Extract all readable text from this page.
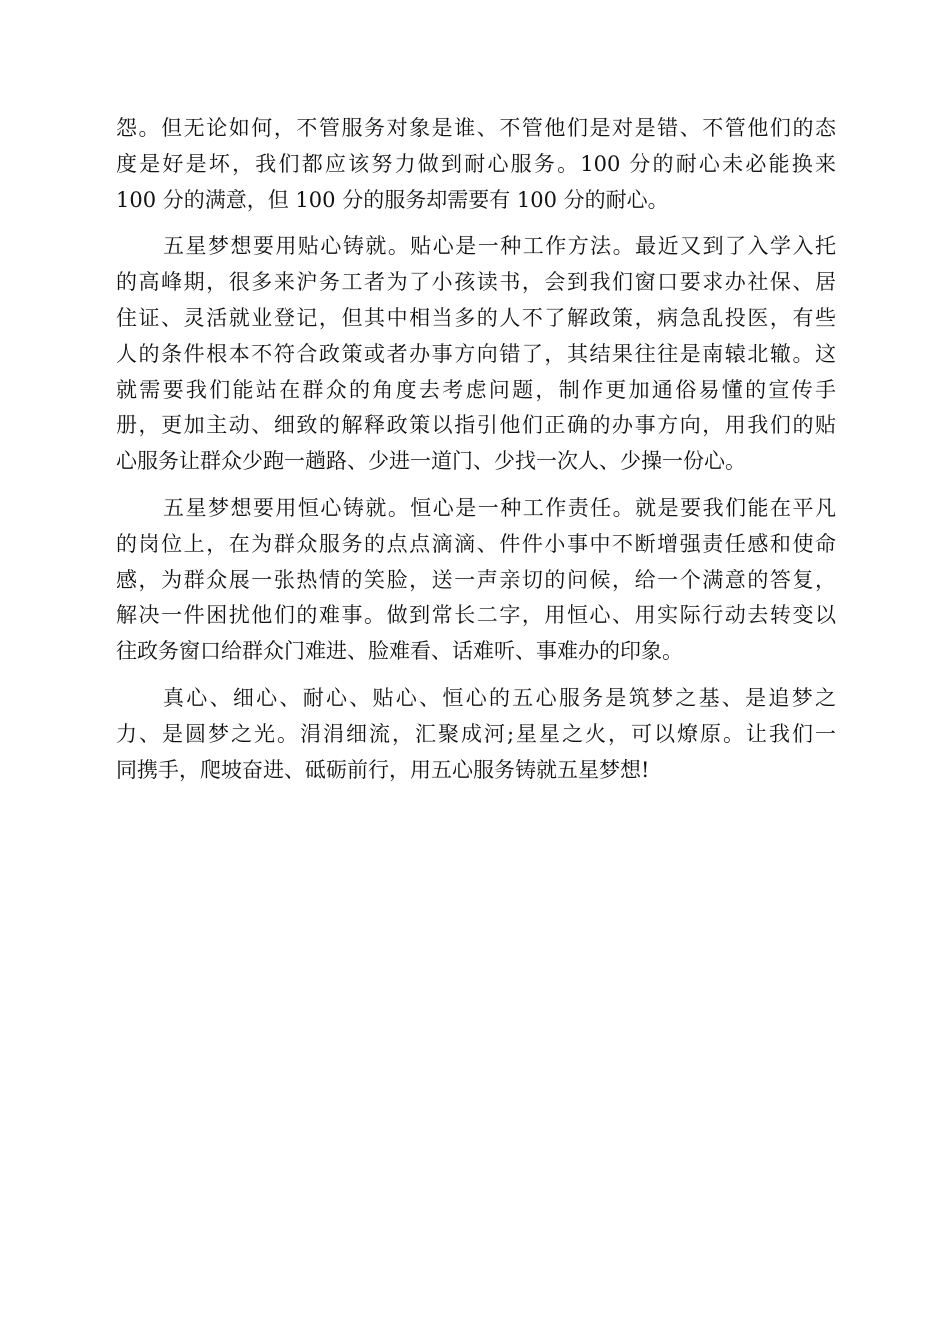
怨。但无论如何，不管服务对象是谁、不管他们是对是错、不管他们的态
度是好是坏，我们都应该努力做到耐心服务。100 分的耐心未必能换来
100 分的满意，但 100 分的服务却需要有 100 分的耐心。
五星梦想要用贴心铸就。贴心是一种工作方法。最近又到了入学入托
的高峰期，很多来沪务工者为了小孩读书，会到我们窗口要求办社保、居
住证、灵活就业登记，但其中相当多的人不了解政策，病急乱投医，有些
人的条件根本不符合政策或者办事方向错了，其结果往往是南辕北辙。这
就需要我们能站在群众的角度去考虑问题，制作更加通俗易懂的宣传手
册，更加主动、细致的解释政策以指引他们正确的办事方向，用我们的贴
心服务让群众少跑一趟路、少进一道门、少找一次人、少操一份心。
五星梦想要用恒心铸就。恒心是一种工作责任。就是要我们能在平凡
的岗位上，在为群众服务的点点滴滴、件件小事中不断增强责任感和使命
感，为群众展一张热情的笑脸，送一声亲切的问候，给一个满意的答复，
解决一件困扰他们的难事。做到常长二字，用恒心、用实际行动去转变以
往政务窗口给群众门难进、脸难看、话难听、事难办的印象。
真心、细心、耐心、贴心、恒心的五心服务是筑梦之基、是追梦之
力、是圆梦之光。涓涓细流，汇聚成河;星星之火，可以燎原。让我们一
同携手，爬坡奋进、砥砺前行，用五心服务铸就五星梦想!
